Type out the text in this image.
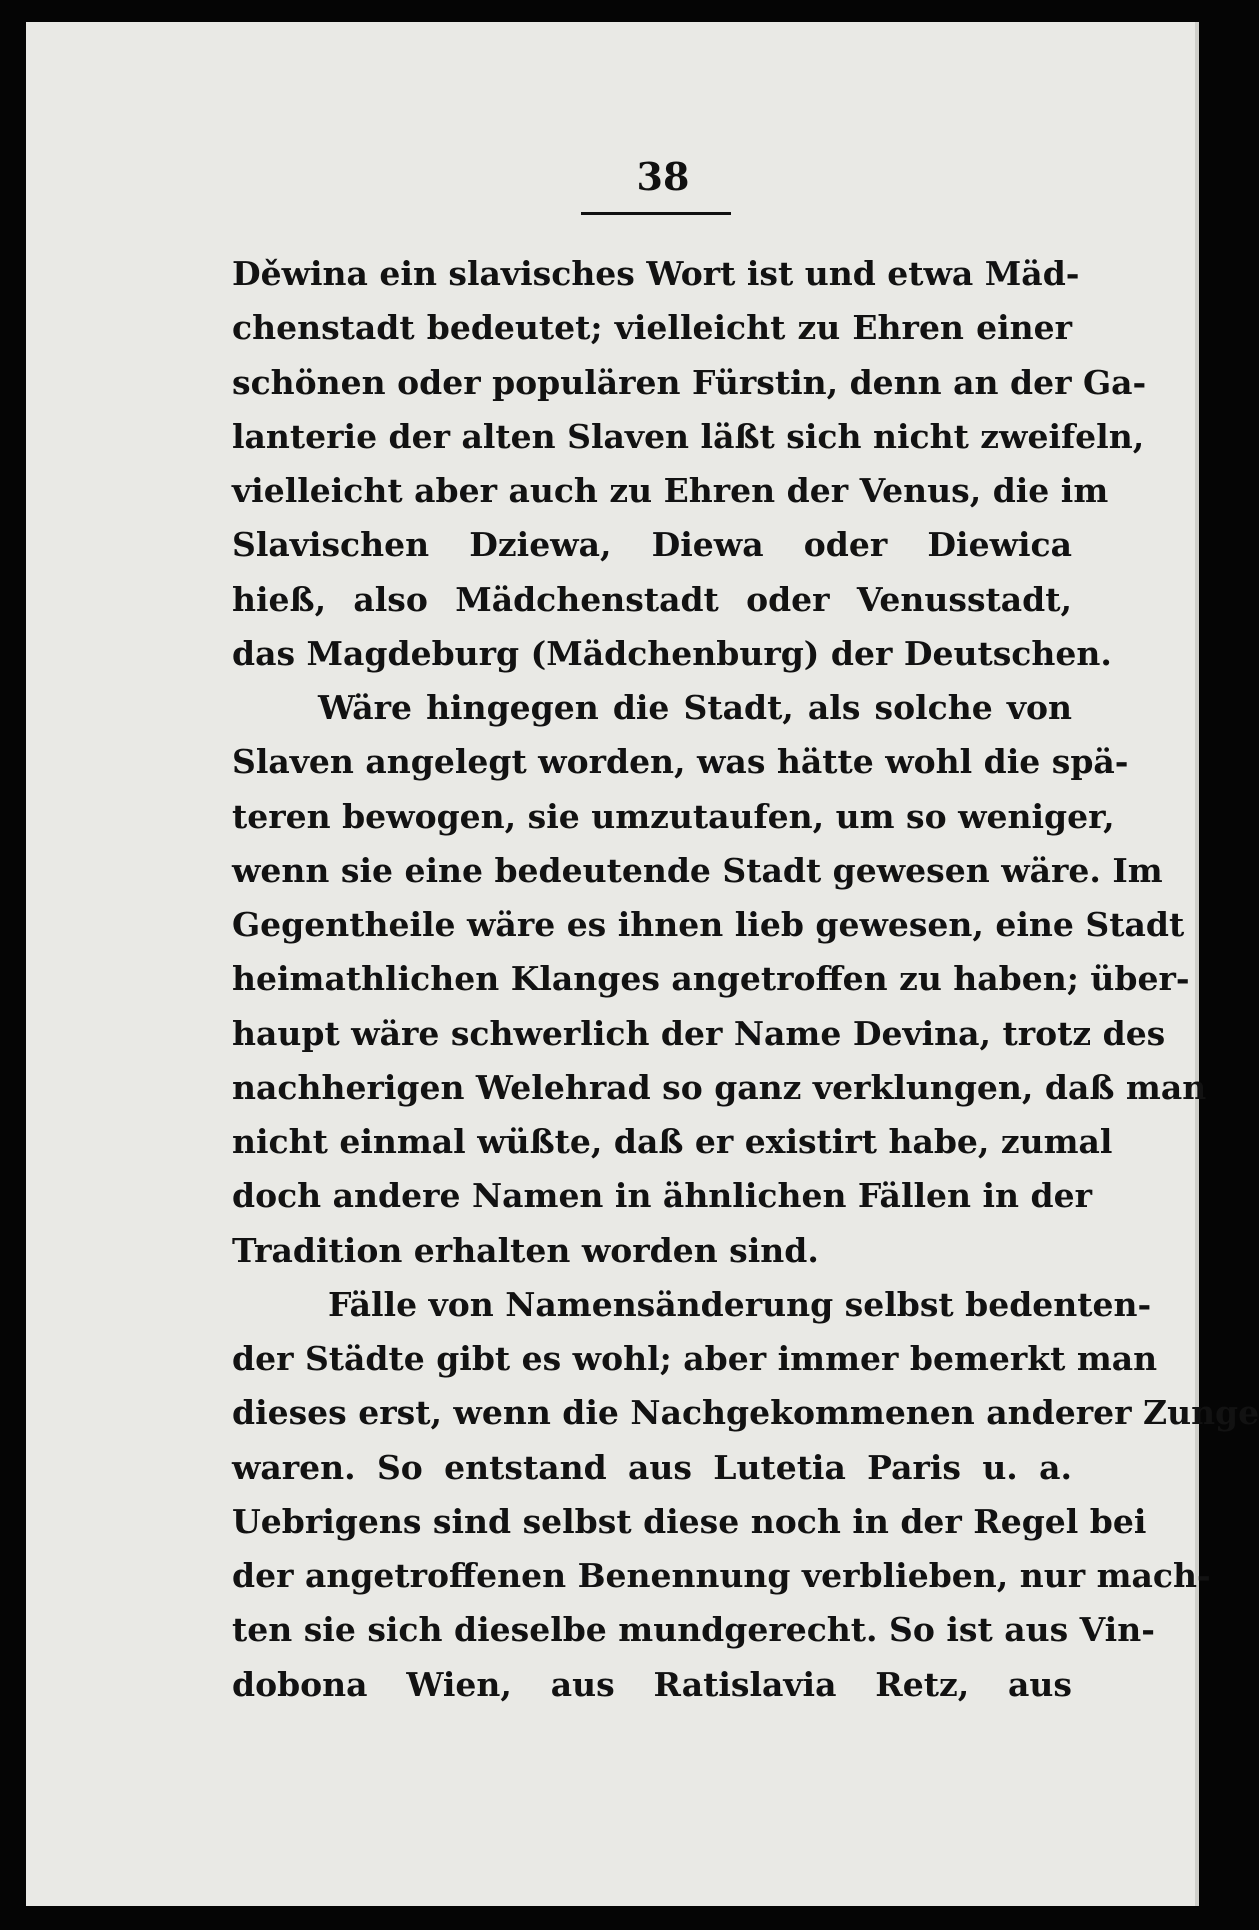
38
Děwina ein slavisches Wort ist und etwa Mäd-
chenstadt bedeutet; vielleicht zu Ehren einer
schönen oder populären Fürstin, denn an der Ga-
lanterie der alten Slaven läßt sich nicht zweifeln,
vielleicht aber auch zu Ehren der Venus, die im
Slavischen Dziewa, Diewa oder Diewica
hieß, also Mädchenstadt oder Venusstadt,
das Magdeburg (Mädchenburg) der Deutschen.
Wäre hingegen die Stadt, als solche von
Slaven angelegt worden, was hätte wohl die spä-
teren bewogen, sie umzutaufen, um so weniger,
wenn sie eine bedeutende Stadt gewesen wäre. Im
Gegentheile wäre es ihnen lieb gewesen, eine Stadt
heimathlichen Klanges angetroffen zu haben; über-
haupt wäre schwerlich der Name Devina, trotz des
nachherigen Welehrad so ganz verklungen, daß man
nicht einmal wüßte, daß er existirt habe, zumal
doch andere Namen in ähnlichen Fällen in der
Tradition erhalten worden sind.
Fälle von Namensänderung selbst bedenten-
der Städte gibt es wohl; aber immer bemerkt man
dieses erst, wenn die Nachgekommenen anderer Zunge
waren. So entstand aus Lutetia Paris u. a.
Uebrigens sind selbst diese noch in der Regel bei
der angetroffenen Benennung verblieben, nur mach-
ten sie sich dieselbe mundgerecht. So ist aus Vin-
dobona Wien, aus Ratislavia Retz, aus
